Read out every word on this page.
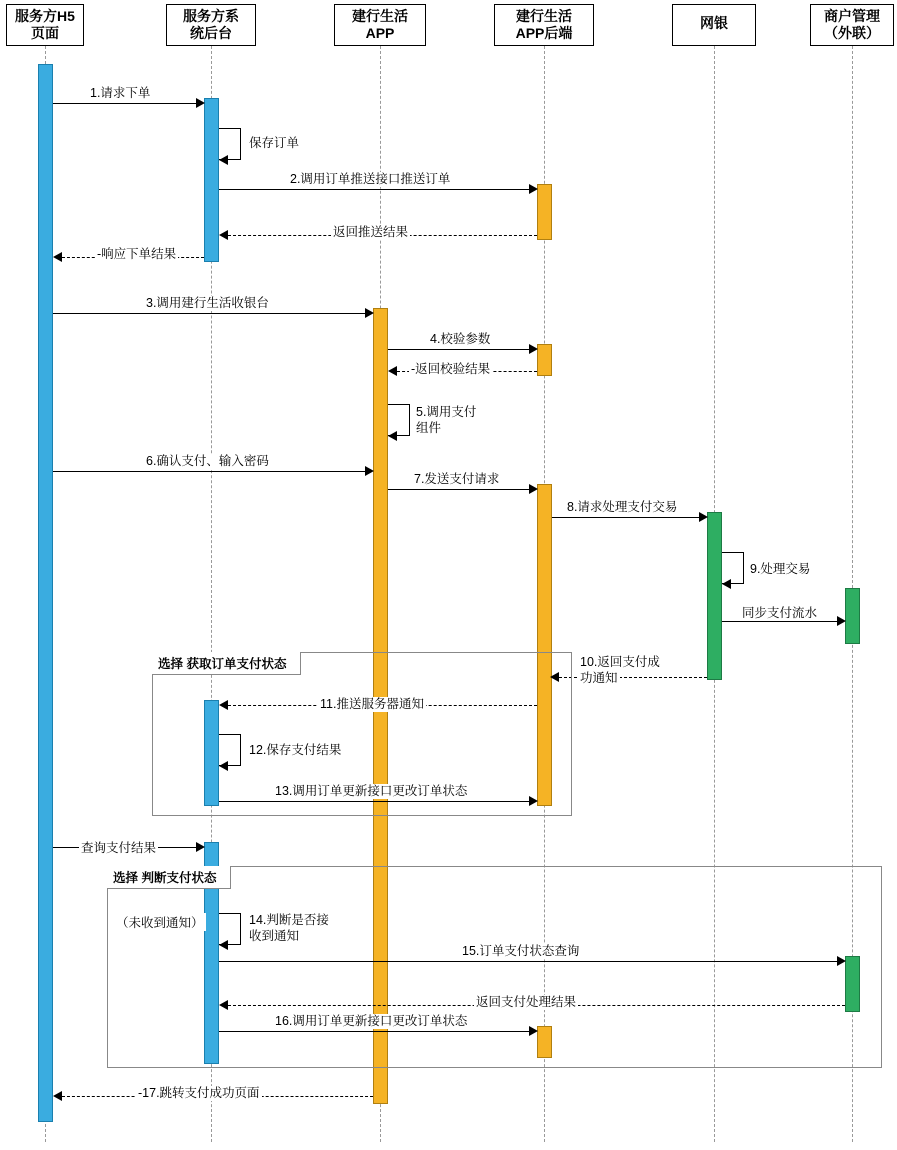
服务方H5
页面
服务方系
统后台
建行生活
APP
建行生活
APP后端
网银	商户管理
（外联）
1.请求下单
保存订单
2.调用订单推送接口推送订单
返回推送结果
-响应下单结果
3.调用建行生活收银台
4.校验参数
-返回校验结果
5.调用支付
组件
6.确认支付、输入密码
7.发送支付请求
8.请求处理支付交易
9.处理交易
同步支付流水
10.返回支付成
功通知
选择 获取订单支付状态
11.推送服务器通知
12.保存支付结果
13.调用订单更新接口更改订单状态
查询支付结果
选择 判断支付状态
（未收到通知）	14.判断是否接
收到通知
15.订单支付状态查询
返回支付处理结果
16.调用订单更新接口更改订单状态
-17.跳转支付成功页面
